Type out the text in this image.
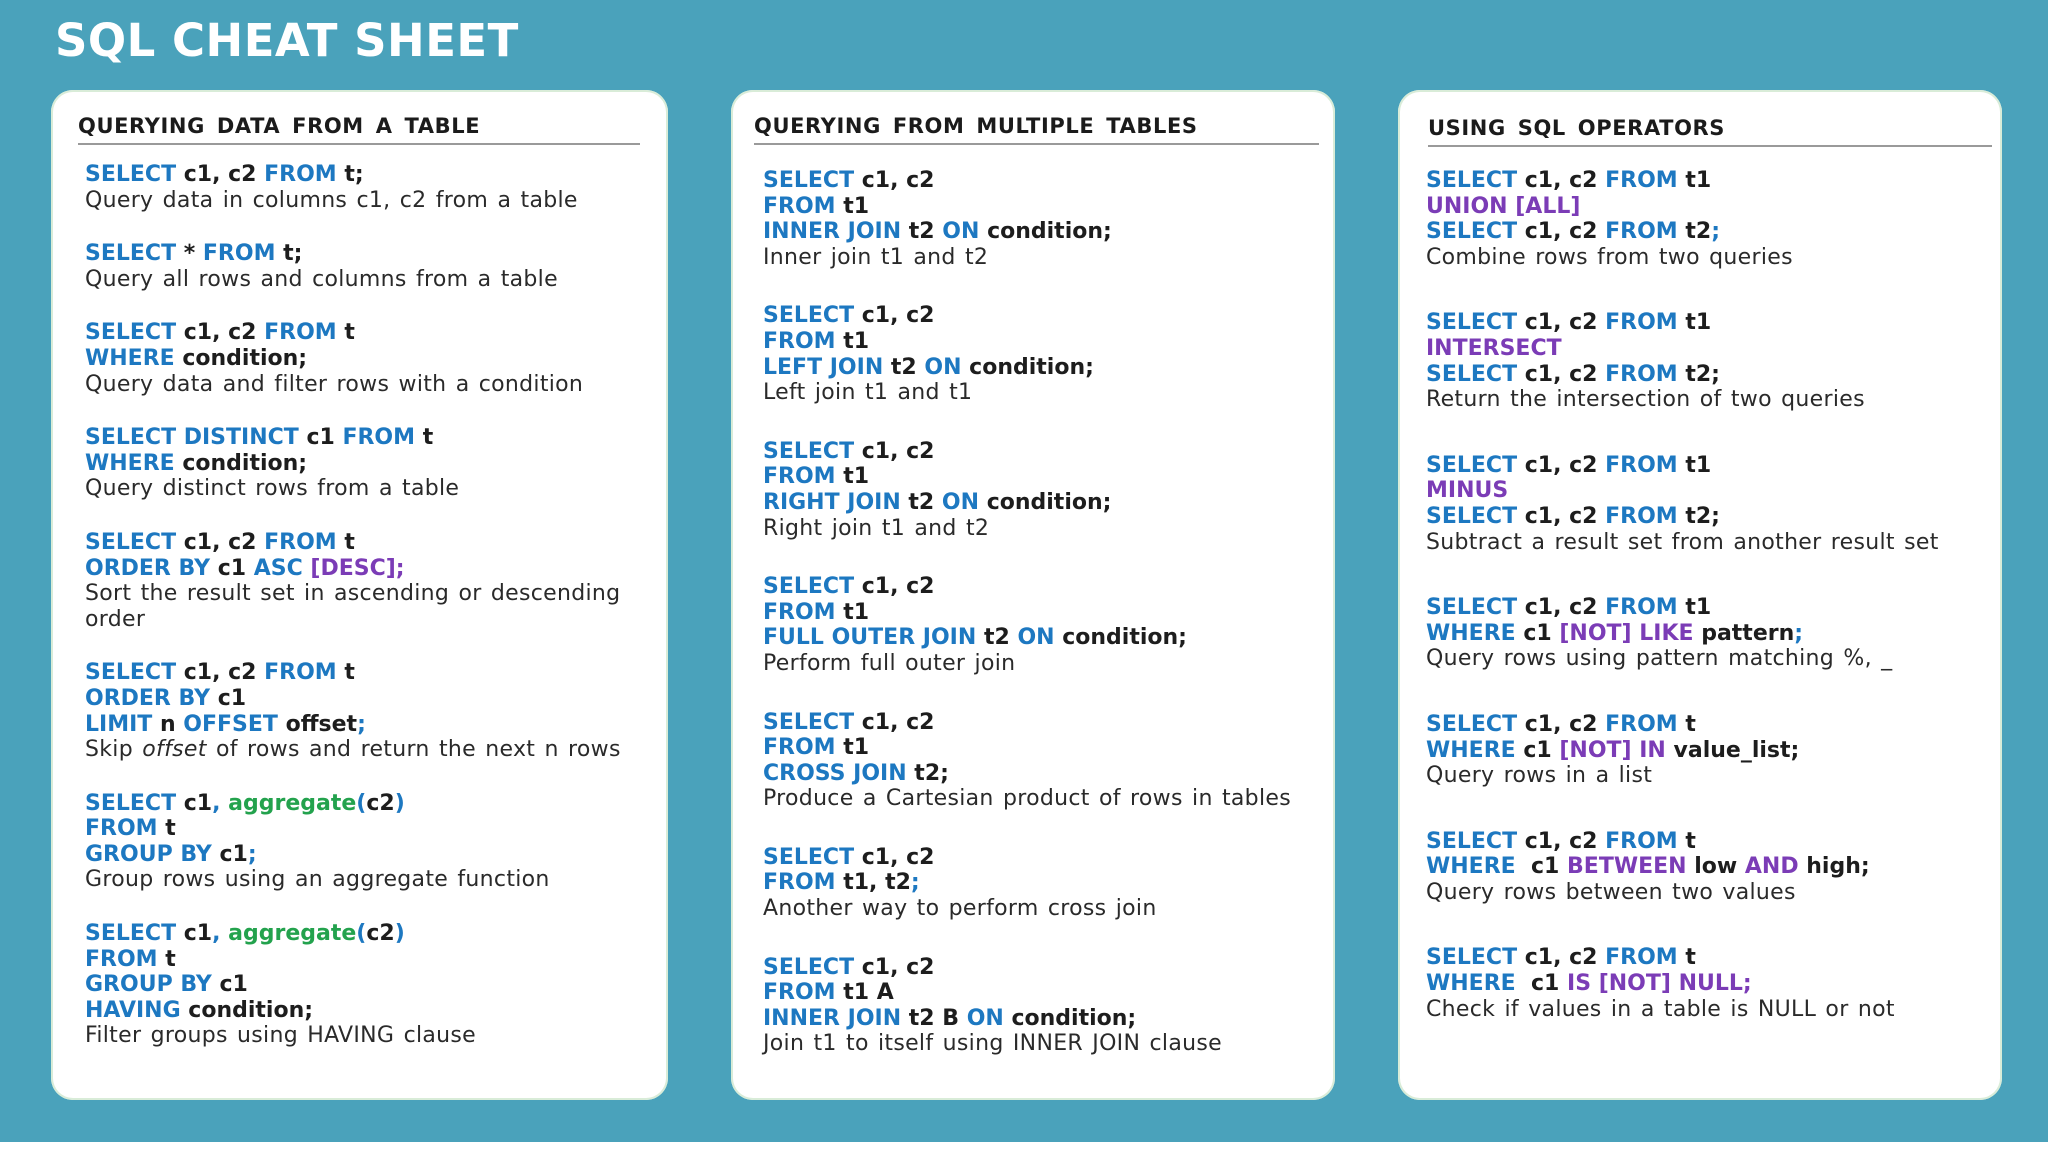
SQL CHEAT SHEET
QUERYING DATA FROM A TABLE
SELECT c1, c2 FROM t;
Query data in columns c1, c2 from a table
SELECT * FROM t;
Query all rows and columns from a table
SELECT c1, c2 FROM t
WHERE condition;
Query data and filter rows with a condition
SELECT DISTINCT c1 FROM t
WHERE condition;
Query distinct rows from a table
SELECT c1, c2 FROM t
ORDER BY c1 ASC [DESC];
Sort the result set in ascending or descending
order
SELECT c1, c2 FROM t
ORDER BY c1
LIMIT n OFFSET offset;
Skip offset of rows and return the next n rows
SELECT c1, aggregate(c2)
FROM t
GROUP BY c1;
Group rows using an aggregate function
SELECT c1, aggregate(c2)
FROM t
GROUP BY c1
HAVING condition;
Filter groups using HAVING clause
QUERYING FROM MULTIPLE TABLES
SELECT c1, c2
FROM t1
INNER JOIN t2 ON condition;
Inner join t1 and t2
SELECT c1, c2
FROM t1
LEFT JOIN t2 ON condition;
Left join t1 and t1
SELECT c1, c2
FROM t1
RIGHT JOIN t2 ON condition;
Right join t1 and t2
SELECT c1, c2
FROM t1
FULL OUTER JOIN t2 ON condition;
Perform full outer join
SELECT c1, c2
FROM t1
CROSS JOIN t2;
Produce a Cartesian product of rows in tables
SELECT c1, c2
FROM t1, t2;
Another way to perform cross join
SELECT c1, c2
FROM t1 A
INNER JOIN t2 B ON condition;
Join t1 to itself using INNER JOIN clause
USING SQL OPERATORS
SELECT c1, c2 FROM t1
UNION [ALL]
SELECT c1, c2 FROM t2;
Combine rows from two queries
SELECT c1, c2 FROM t1
INTERSECT
SELECT c1, c2 FROM t2;
Return the intersection of two queries
SELECT c1, c2 FROM t1
MINUS
SELECT c1, c2 FROM t2;
Subtract a result set from another result set
SELECT c1, c2 FROM t1
WHERE c1 [NOT] LIKE pattern;
Query rows using pattern matching %, _
SELECT c1, c2 FROM t
WHERE c1 [NOT] IN value_list;
Query rows in a list
SELECT c1, c2 FROM t
WHERE  c1 BETWEEN low AND high;
Query rows between two values
SELECT c1, c2 FROM t
WHERE  c1 IS [NOT] NULL;
Check if values in a table is NULL or not
